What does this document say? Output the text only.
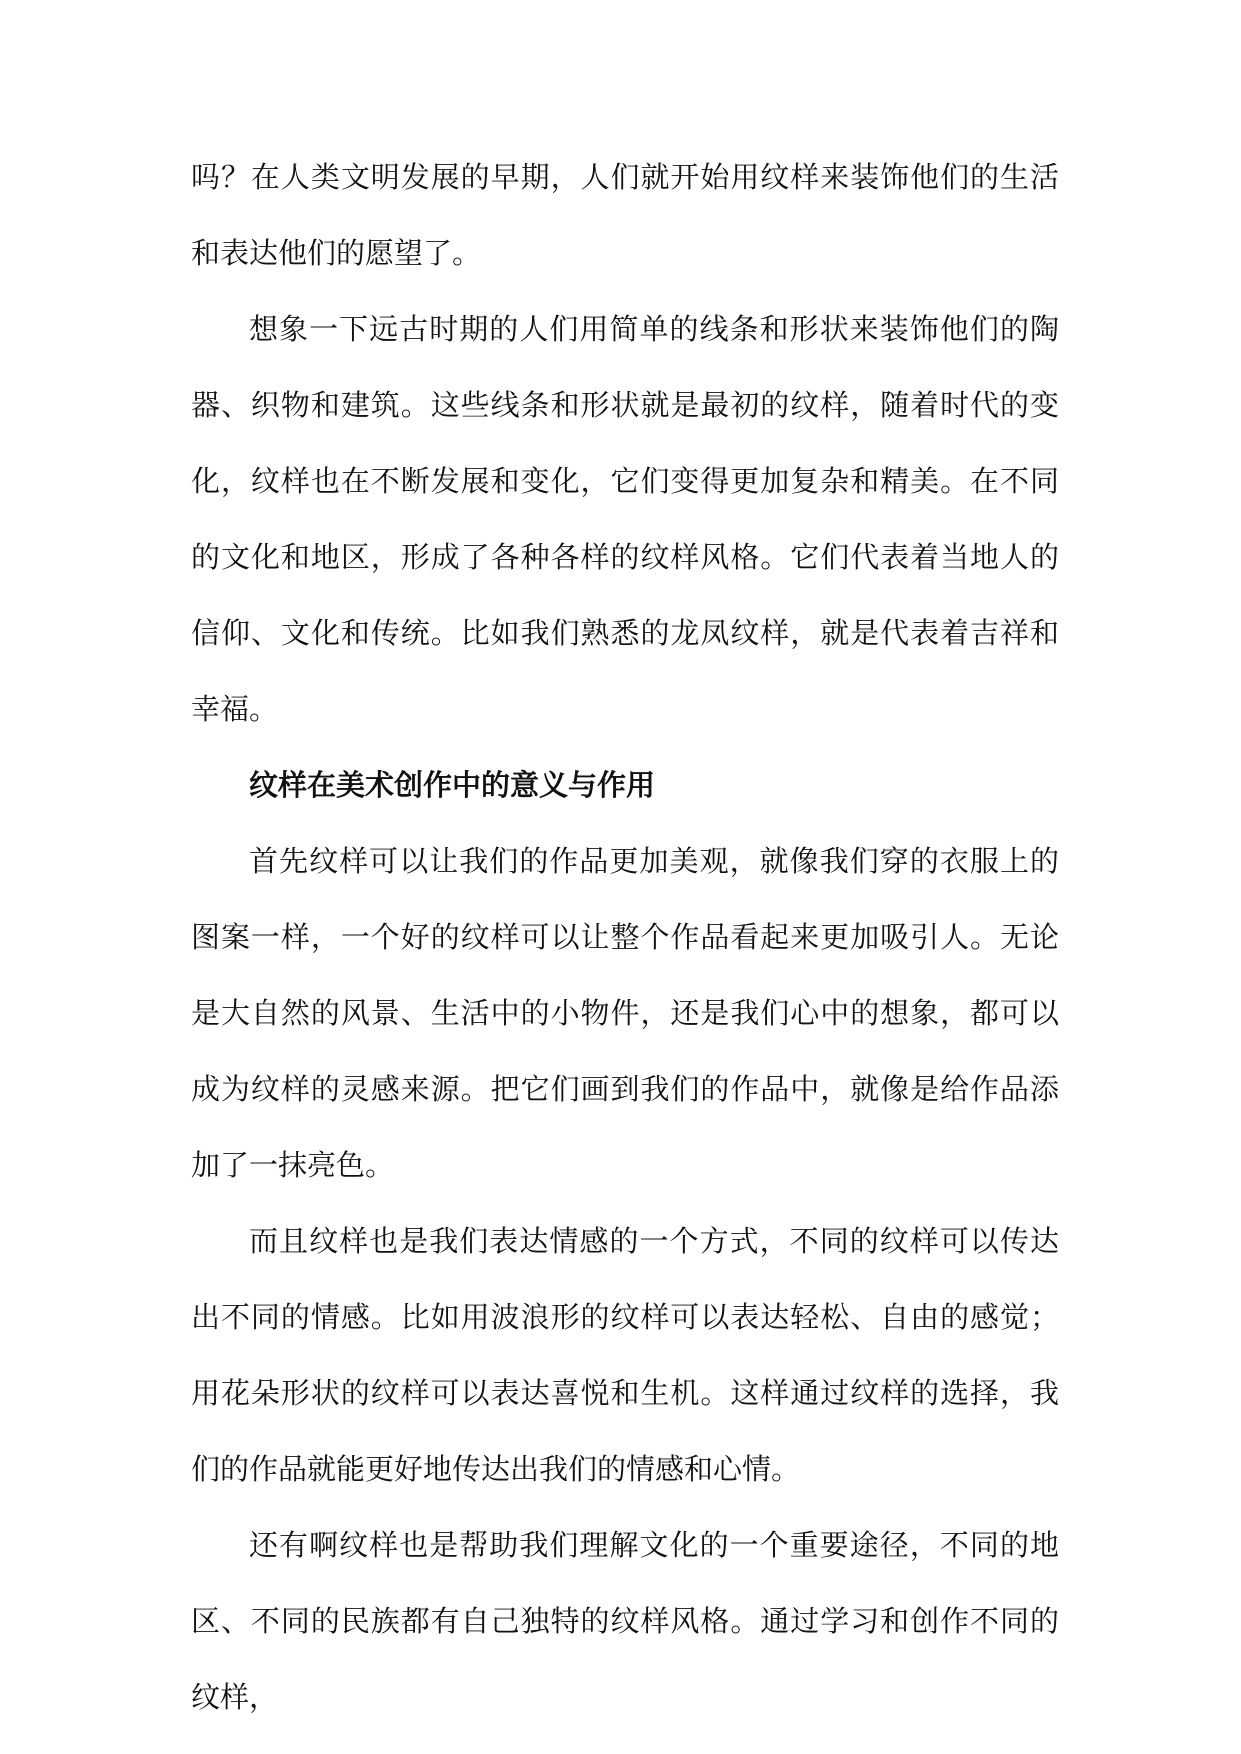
吗？在人类文明发展的早期，人们就开始用纹样来装饰他们的生活和表达他们的愿望了。

想象一下远古时期的人们用简单的线条和形状来装饰他们的陶器、织物和建筑。这些线条和形状就是最初的纹样，随着时代的变化，纹样也在不断发展和变化，它们变得更加复杂和精美。在不同的文化和地区，形成了各种各样的纹样风格。它们代表着当地人的信仰、文化和传统。比如我们熟悉的龙凤纹样，就是代表着吉祥和幸福。

纹样在美术创作中的意义与作用

首先纹样可以让我们的作品更加美观，就像我们穿的衣服上的图案一样，一个好的纹样可以让整个作品看起来更加吸引人。无论是大自然的风景、生活中的小物件，还是我们心中的想象，都可以成为纹样的灵感来源。把它们画到我们的作品中，就像是给作品添加了一抹亮色。

而且纹样也是我们表达情感的一个方式，不同的纹样可以传达出不同的情感。比如用波浪形的纹样可以表达轻松、自由的感觉；用花朵形状的纹样可以表达喜悦和生机。这样通过纹样的选择，我们的作品就能更好地传达出我们的情感和心情。

还有啊纹样也是帮助我们理解文化的一个重要途径，不同的地区、不同的民族都有自己独特的纹样风格。通过学习和创作不同的纹样，
